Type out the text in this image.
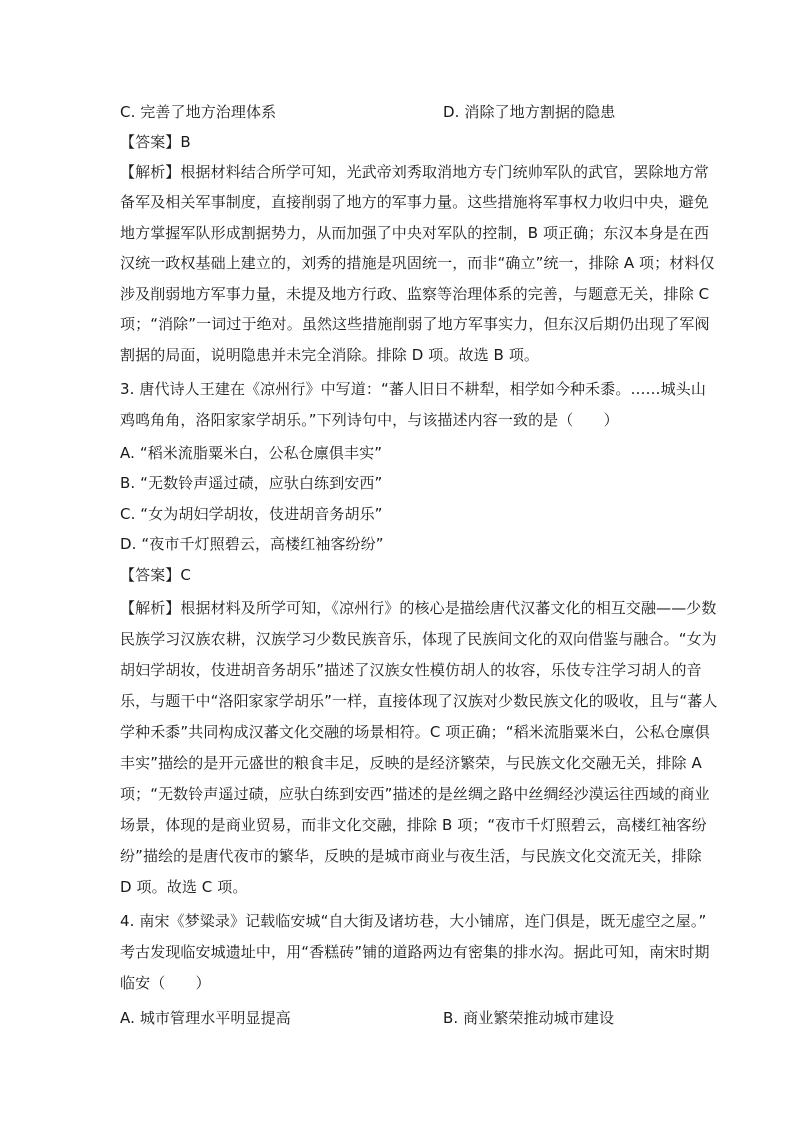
C. 完善了地方治理体系	D. 消除了地方割据的隐患
【答案】B
【解析】根据材料结合所学可知，光武帝刘秀取消地方专门统帅军队的武官，罢除地方常
备军及相关军事制度，直接削弱了地方的军事力量。这些措施将军事权力收归中央，避免
地方掌握军队形成割据势力，从而加强了中央对军队的控制，B 项正确；东汉本身是在西
汉统一政权基础上建立的，刘秀的措施是巩固统一，而非“确立”统一，排除 A 项；材料仅
涉及削弱地方军事力量，未提及地方行政、监察等治理体系的完善，与题意无关，排除 C
项；“消除”一词过于绝对。虽然这些措施削弱了地方军事实力，但东汉后期仍出现了军阀
割据的局面，说明隐患并未完全消除。排除 D 项。故选 B 项。
3. 唐代诗人王建在《凉州行》中写道：“蕃人旧日不耕犁，相学如今种禾黍。……城头山
鸡鸣角角，洛阳家家学胡乐。”下列诗句中，与该描述内容一致的是（　　）
A. “稻米流脂粟米白，公私仓廪俱丰实”
B. “无数铃声遥过碛，应驮白练到安西”
C. “女为胡妇学胡妆，伎进胡音务胡乐”
D. “夜市千灯照碧云，高楼红袖客纷纷”
【答案】C
【解析】根据材料及所学可知，《凉州行》的核心是描绘唐代汉蕃文化的相互交融——少数
民族学习汉族农耕，汉族学习少数民族音乐，体现了民族间文化的双向借鉴与融合。“女为
胡妇学胡妆，伎进胡音务胡乐”描述了汉族女性模仿胡人的妆容，乐伎专注学习胡人的音
乐，与题干中“洛阳家家学胡乐”一样，直接体现了汉族对少数民族文化的吸收，且与“蕃人
学种禾黍”共同构成汉蕃文化交融的场景相符。C 项正确；“稻米流脂粟米白，公私仓廪俱
丰实”描绘的是开元盛世的粮食丰足，反映的是经济繁荣，与民族文化交融无关，排除 A
项；“无数铃声遥过碛，应驮白练到安西”描述的是丝绸之路中丝绸经沙漠运往西域的商业
场景，体现的是商业贸易，而非文化交融，排除 B 项；“夜市千灯照碧云，高楼红袖客纷
纷”描绘的是唐代夜市的繁华，反映的是城市商业与夜生活，与民族文化交流无关，排除
D 项。故选 C 项。
4. 南宋《梦粱录》记载临安城“自大街及诸坊巷，大小铺席，连门俱是，既无虚空之屋。”
考古发现临安城遗址中，用“香糕砖”铺的道路两边有密集的排水沟。据此可知，南宋时期
临安（　　）
A. 城市管理水平明显提高	B. 商业繁荣推动城市建设
